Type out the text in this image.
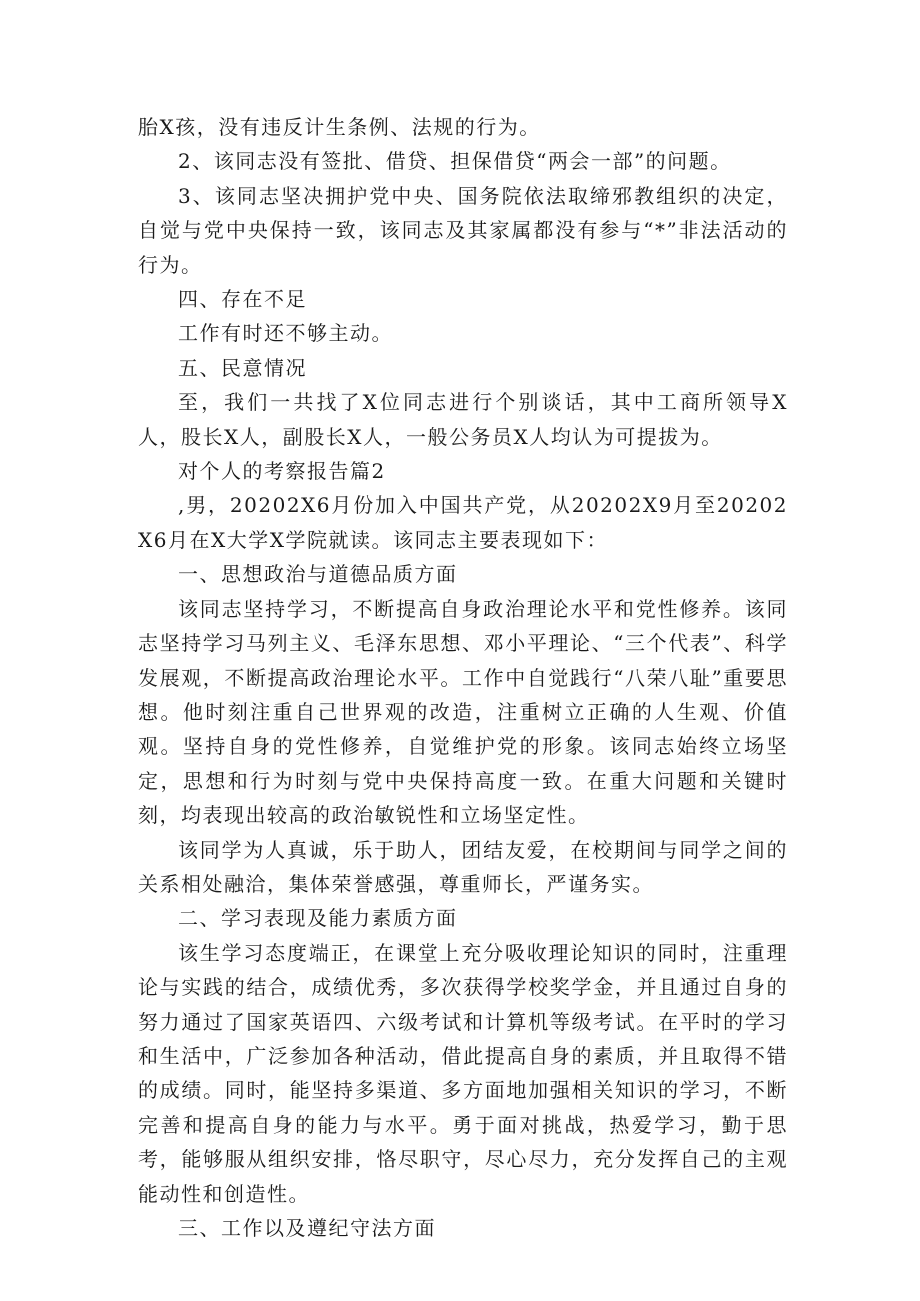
胎X孩，没有违反计生条例、法规的行为。

2、该同志没有签批、借贷、担保借贷“两会一部”的问题。

3、该同志坚决拥护党中央、国务院依法取缔邪教组织的决定，自觉与党中央保持一致，该同志及其家属都没有参与“*”非法活动的行为。

四、存在不足

工作有时还不够主动。

五、民意情况

至，我们一共找了X位同志进行个别谈话，其中工商所领导X人，股长X人，副股长X人，一般公务员X人均认为可提拔为。

对个人的考察报告篇2

,男，20202X6月份加入中国共产党，从20202X9月至20202X6月在X大学X学院就读。该同志主要表现如下：

一、思想政治与道德品质方面

该同志坚持学习，不断提高自身政治理论水平和党性修养。该同志坚持学习马列主义、毛泽东思想、邓小平理论、“三个代表”、科学发展观，不断提高政治理论水平。工作中自觉践行“八荣八耻”重要思想。他时刻注重自己世界观的改造，注重树立正确的人生观、价值观。坚持自身的党性修养，自觉维护党的形象。该同志始终立场坚定，思想和行为时刻与党中央保持高度一致。在重大问题和关键时刻，均表现出较高的政治敏锐性和立场坚定性。

该同学为人真诚，乐于助人，团结友爱，在校期间与同学之间的关系相处融洽，集体荣誉感强，尊重师长，严谨务实。

二、学习表现及能力素质方面

该生学习态度端正，在课堂上充分吸收理论知识的同时，注重理论与实践的结合，成绩优秀，多次获得学校奖学金，并且通过自身的努力通过了国家英语四、六级考试和计算机等级考试。在平时的学习和生活中，广泛参加各种活动，借此提高自身的素质，并且取得不错的成绩。同时，能坚持多渠道、多方面地加强相关知识的学习，不断完善和提高自身的能力与水平。勇于面对挑战，热爱学习，勤于思考，能够服从组织安排，恪尽职守，尽心尽力，充分发挥自己的主观能动性和创造性。

三、工作以及遵纪守法方面
